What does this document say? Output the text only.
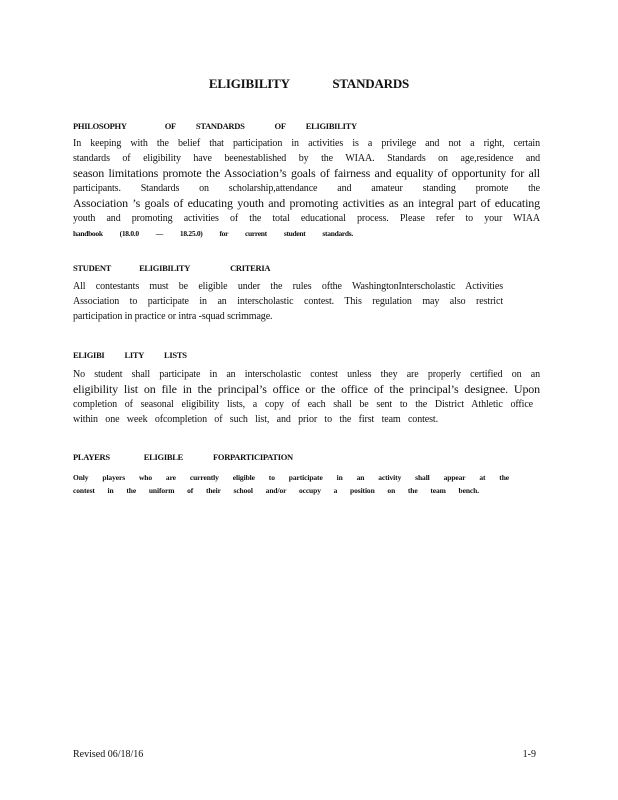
ELIGIBILITY STANDARDS
PHILOSOPHY	OF STANDARDS	OF ELIGIBILITY
In keeping with the belief that participation in activities is a privilege and not a right, certain
standards of eligibility have beenestablished by the WIAA. Standards on age,residence and
season limitations promote the Association’s goals of fairness and equality of opportunity for all
participants. Standards on scholarship,attendance and amateur standing promote the
Association ’s goals of educating youth and promoting activities as an integral part of educating
youth and promoting activities of the total educational process. Please refer to your WIAA
handbook (18.0.0 — 18.25.0) for current student standards.
STUDENT	ELIGIBILITY	CRITERIA
All contestants must be eligible under the rules ofthe WashingtonInterscholastic Activities
Association to participate in an interscholastic contest. This regulation may also restrict
participation in practice or intra -squad scrimmage.
ELIGIBI LITY LISTS
No student shall participate in an interscholastic contest unless they are properly certified on an
eligibility list on file in the principal’s office or the office of the principal’s designee. Upon
completion of seasonal eligibility lists, a copy of each shall be sent to the District Athletic office
within one week ofcompletion of such list, and prior to the first team contest.
PLAYERS	ELIGIBLE	FORPARTICIPATION
Only players who are currently eligible to participate in an activity shall appear at the
contest in the uniform of their school and/or occupy a position on the team bench.
Revised 06/18/16	1-9
